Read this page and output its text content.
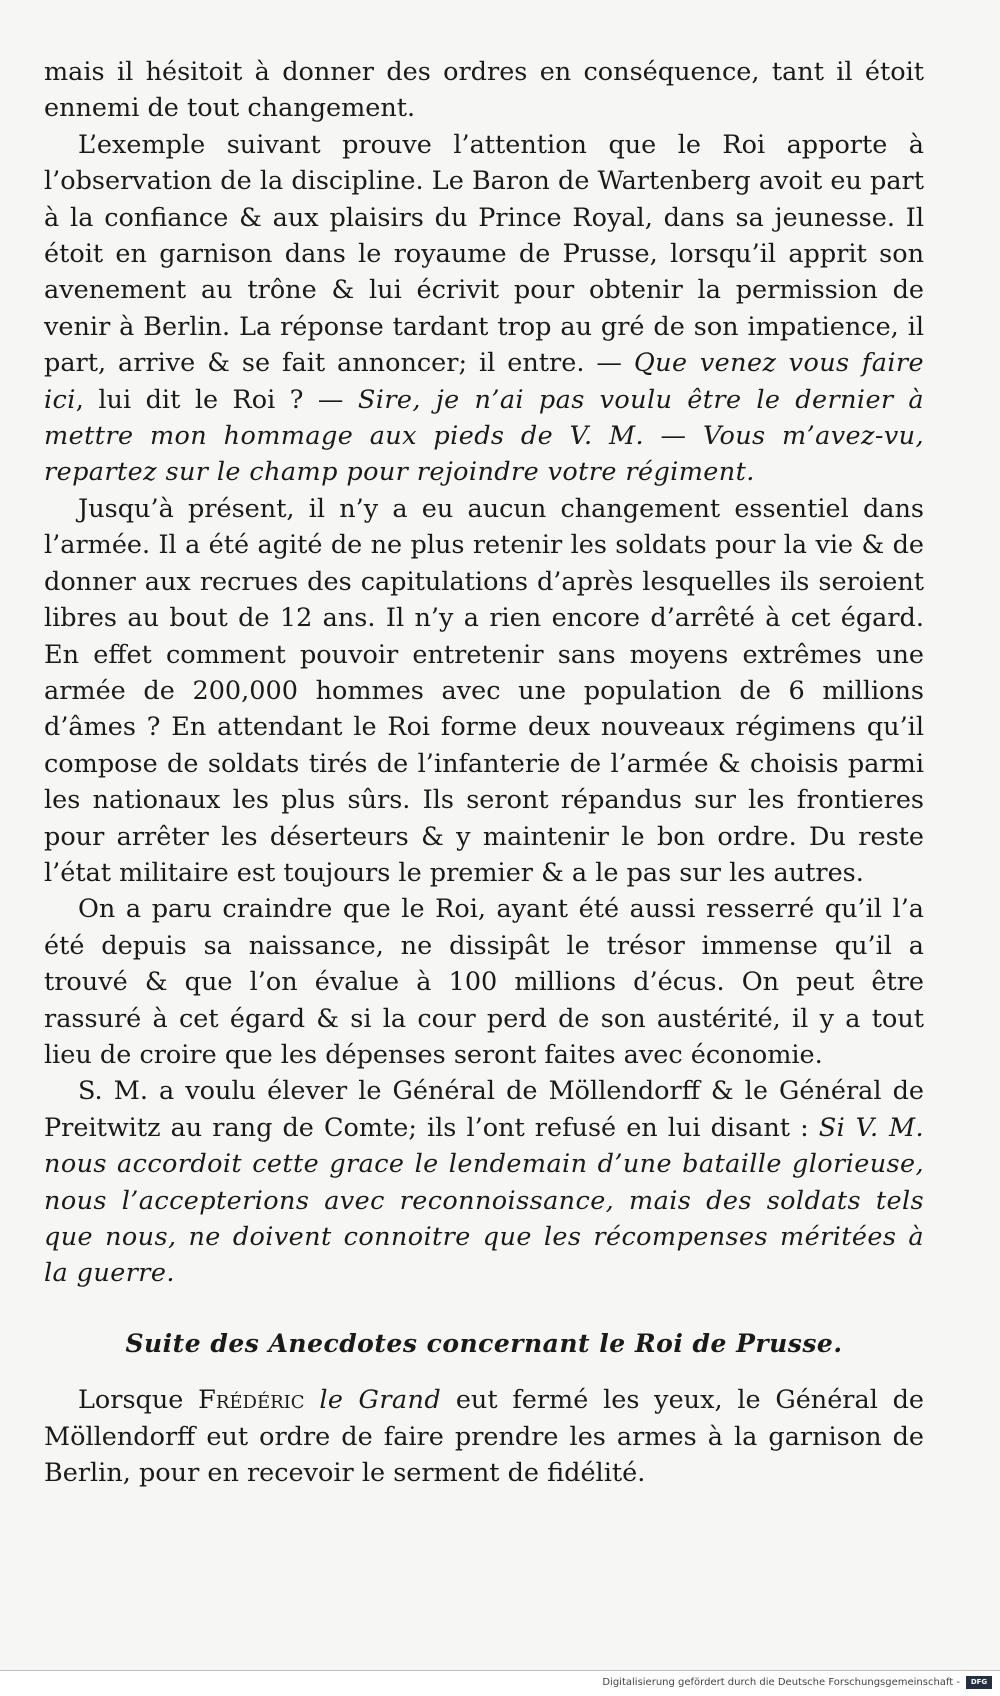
mais il hésitoit à donner des ordres en conséquence, tant il étoit ennemi de tout changement.

L’exemple suivant prouve l’attention que le Roi apporte à l’observation de la discipline. Le Baron de Wartenberg avoit eu part à la confiance & aux plaisirs du Prince Royal, dans sa jeunesse. Il étoit en garnison dans le royaume de Prusse, lorsqu’il apprit son avenement au trône & lui écrivit pour obtenir la permission de venir à Berlin. La réponse tardant trop au gré de son impatience, il part, arrive & se fait annoncer; il entre. — Que venez vous faire ici, lui dit le Roi ? — Sire, je n’ai pas voulu être le dernier à mettre mon hommage aux pieds de V. M. — Vous m’avez-vu, repartez sur le champ pour rejoindre votre régiment.

Jusqu’à présent, il n’y a eu aucun changement essentiel dans l’armée. Il a été agité de ne plus retenir les soldats pour la vie & de donner aux recrues des capitulations d’après lesquelles ils seroient libres au bout de 12 ans. Il n’y a rien encore d’arrêté à cet égard. En effet comment pouvoir entretenir sans moyens extrêmes une armée de 200,000 hommes avec une population de 6 millions d’âmes ? En attendant le Roi forme deux nouveaux régimens qu’il compose de soldats tirés de l’infanterie de l’armée & choisis parmi les nationaux les plus sûrs. Ils seront répandus sur les frontieres pour arrêter les déserteurs & y maintenir le bon ordre. Du reste l’état militaire est toujours le premier & a le pas sur les autres.

On a paru craindre que le Roi, ayant été aussi resserré qu’il l’a été depuis sa naissance, ne dissipât le trésor immense qu’il a trouvé & que l’on évalue à 100 millions d’écus. On peut être rassuré à cet égard & si la cour perd de son austérité, il y a tout lieu de croire que les dépenses seront faites avec économie.

S. M. a voulu élever le Général de Möllendorff & le Général de Preitwitz au rang de Comte; ils l’ont refusé en lui disant : Si V. M. nous accordoit cette grace le lendemain d’une bataille glorieuse, nous l’accepterions avec reconnoissance, mais des soldats tels que nous, ne doivent connoitre que les récompenses méritées à la guerre.

Suite des Anecdotes concernant le Roi de Prusse.

Lorsque Frédéric le Grand eut fermé les yeux, le Général de Möllendorff eut ordre de faire prendre les armes à la garnison de Berlin, pour en recevoir le serment de fidélité.

Digitalisierung gefördert durch die Deutsche Forschungsgemeinschaft -	DFG
